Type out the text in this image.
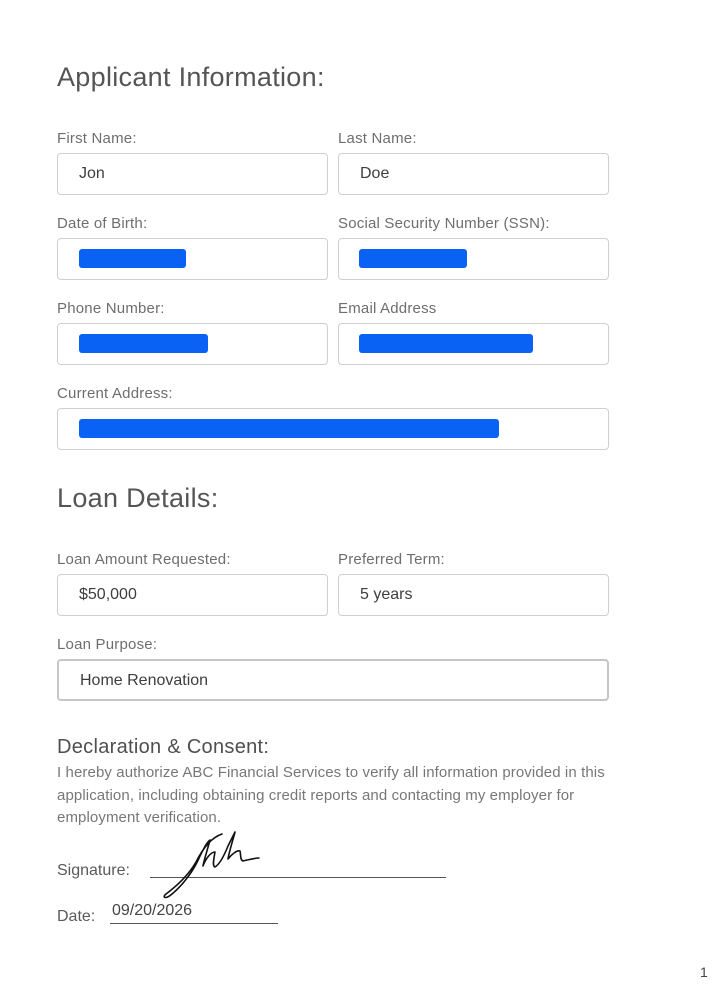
Applicant Information:
First Name:
Jon
Last Name:
Doe
Date of Birth:	Social Security Number (SSN):
Phone Number:	Email Address
Current Address:
Loan Details:
Loan Amount Requested:
$50,000
Preferred Term:
5 years
Loan Purpose:
Home Renovation
Declaration & Consent:
I hereby authorize ABC Financial Services to verify all information provided in this application, including obtaining credit reports and contacting my employer for employment verification.
Signature:
Date: 09/20/2026
1
